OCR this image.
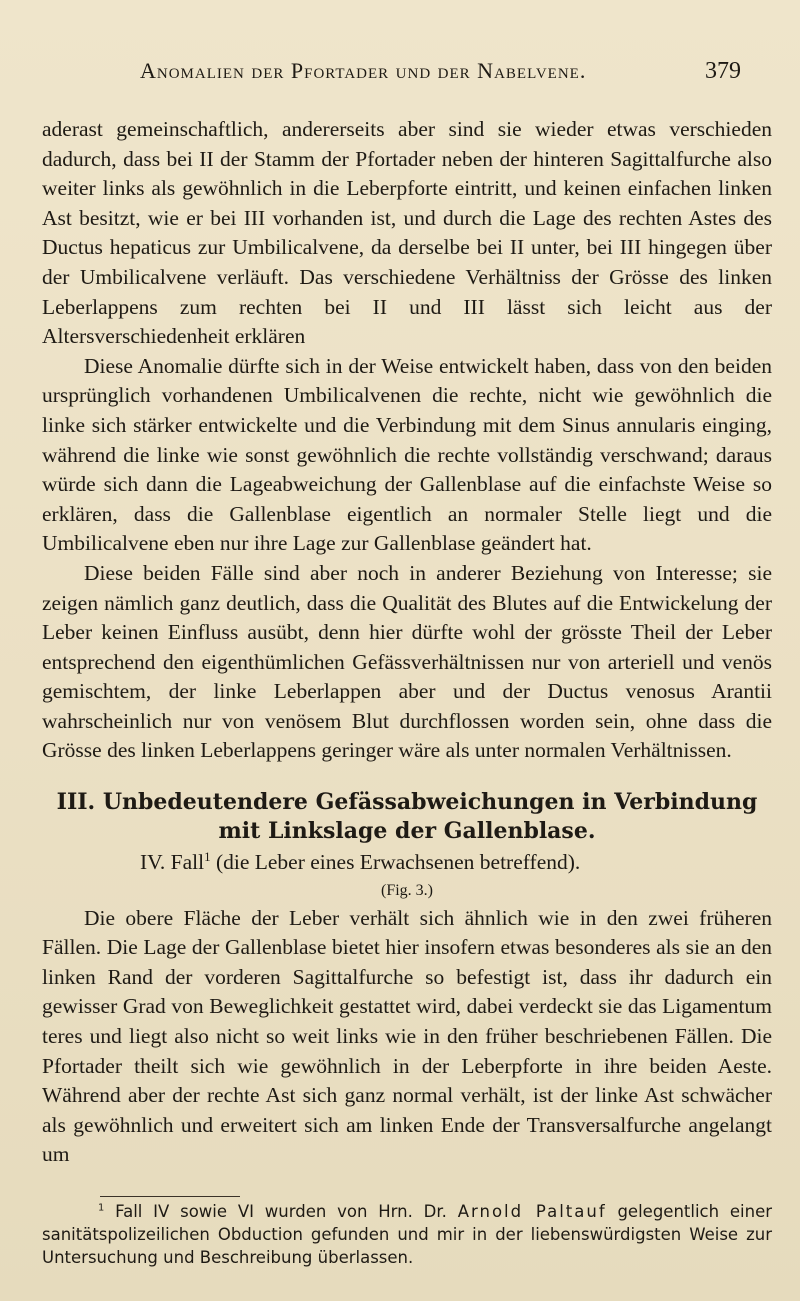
Anomalien der Pfortader und der Nabelvene.	379

aderast gemeinschaftlich, andererseits aber sind sie wieder etwas verschieden dadurch, dass bei II der Stamm der Pfortader neben der hinteren Sagittalfurche also weiter links als gewöhnlich in die Leberpforte eintritt, und keinen einfachen linken Ast besitzt, wie er bei III vorhanden ist, und durch die Lage des rechten Astes des Ductus hepaticus zur Umbilicalvene, da derselbe bei II unter, bei III hingegen über der Umbilicalvene verläuft. Das verschiedene Verhältniss der Grösse des linken Leberlappens zum rechten bei II und III lässt sich leicht aus der Altersverschiedenheit erklären

Diese Anomalie dürfte sich in der Weise entwickelt haben, dass von den beiden ursprünglich vorhandenen Umbilicalvenen die rechte, nicht wie gewöhnlich die linke sich stärker entwickelte und die Verbindung mit dem Sinus annularis einging, während die linke wie sonst gewöhnlich die rechte vollständig verschwand; daraus würde sich dann die Lageabweichung der Gallenblase auf die einfachste Weise so erklären, dass die Gallenblase eigentlich an normaler Stelle liegt und die Umbilicalvene eben nur ihre Lage zur Gallenblase geändert hat.

Diese beiden Fälle sind aber noch in anderer Beziehung von Interesse; sie zeigen nämlich ganz deutlich, dass die Qualität des Blutes auf die Entwickelung der Leber keinen Einfluss ausübt, denn hier dürfte wohl der grösste Theil der Leber entsprechend den eigenthümlichen Gefässverhältnissen nur von arteriell und venös gemischtem, der linke Leberlappen aber und der Ductus venosus Arantii wahrscheinlich nur von venösem Blut durchflossen worden sein, ohne dass die Grösse des linken Leberlappens geringer wäre als unter normalen Verhältnissen.

III. Unbedeutendere Gefässabweichungen in Verbindung mit Linkslage der Gallenblase.

IV. Fall$^1$ (die Leber eines Erwachsenen betreffend).

(Fig. 3.)

Die obere Fläche der Leber verhält sich ähnlich wie in den zwei früheren Fällen. Die Lage der Gallenblase bietet hier insofern etwas besonderes als sie an den linken Rand der vorderen Sagittalfurche so befestigt ist, dass ihr dadurch ein gewisser Grad von Beweglichkeit gestattet wird, dabei verdeckt sie das Ligamentum teres und liegt also nicht so weit links wie in den früher beschriebenen Fällen. Die Pfortader theilt sich wie gewöhnlich in der Leberpforte in ihre beiden Aeste. Während aber der rechte Ast sich ganz normal verhält, ist der linke Ast schwächer als gewöhnlich und erweitert sich am linken Ende der Transversalfurche angelangt um

$^1$ Fall IV sowie VI wurden von Hrn. Dr. Arnold Paltauf gelegentlich einer sanitätspolizeilichen Obduction gefunden und mir in der liebenswürdigsten Weise zur Untersuchung und Beschreibung überlassen.
